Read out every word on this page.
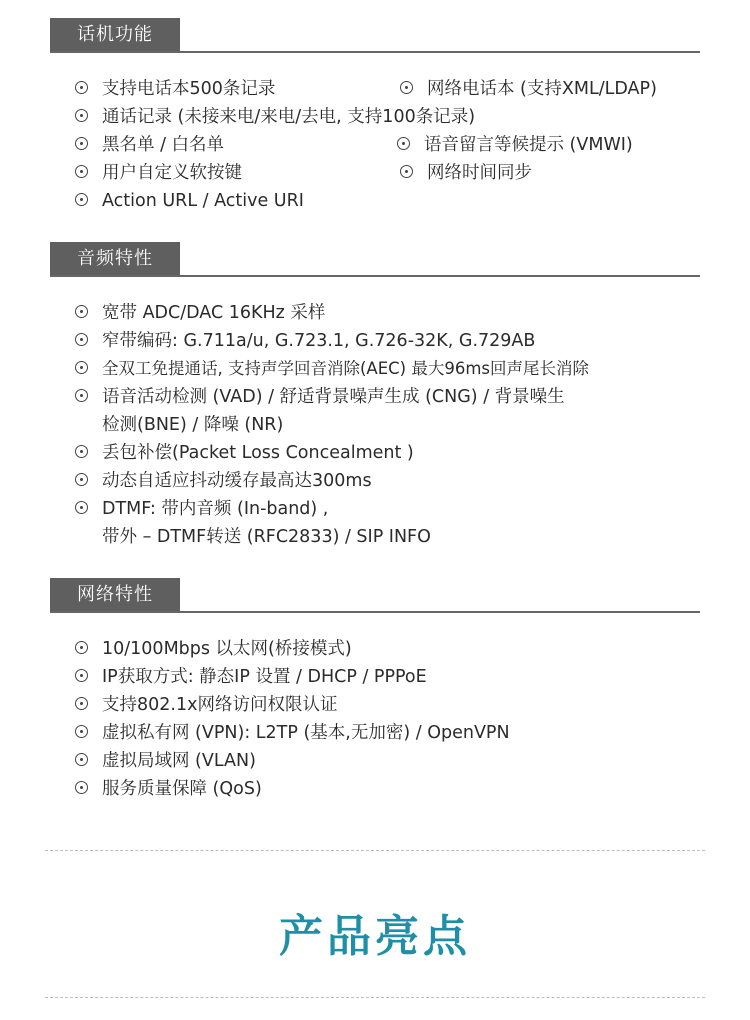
话机功能
支持电话本500条记录
通话记录 (未接来电/来电/去电, 支持100条记录)
黑名单 / 白名单
用户自定义软按键
Action URL / Active URI
网络电话本 (支持XML/LDAP)
语音留言等候提示 (VMWI)
网络时间同步
音频特性
宽带 ADC/DAC 16KHz 采样
窄带编码: G.711a/u, G.723.1, G.726-32K, G.729AB
全双工免提通话, 支持声学回音消除(AEC) 最大96ms回声尾长消除
语音活动检测 (VAD) / 舒适背景噪声生成 (CNG) / 背景噪生
检测(BNE) / 降噪 (NR)
丢包补偿(Packet Loss Concealment )
动态自适应抖动缓存最高达300ms
DTMF: 带内音频 (In-band) ,
带外 – DTMF转送 (RFC2833) / SIP INFO
网络特性
10/100Mbps 以太网(桥接模式)
IP获取方式: 静态IP 设置 / DHCP / PPPoE
支持802.1x网络访问权限认证
虚拟私有网 (VPN): L2TP (基本,无加密) / OpenVPN
虚拟局域网 (VLAN)
服务质量保障 (QoS)
产品亮点
